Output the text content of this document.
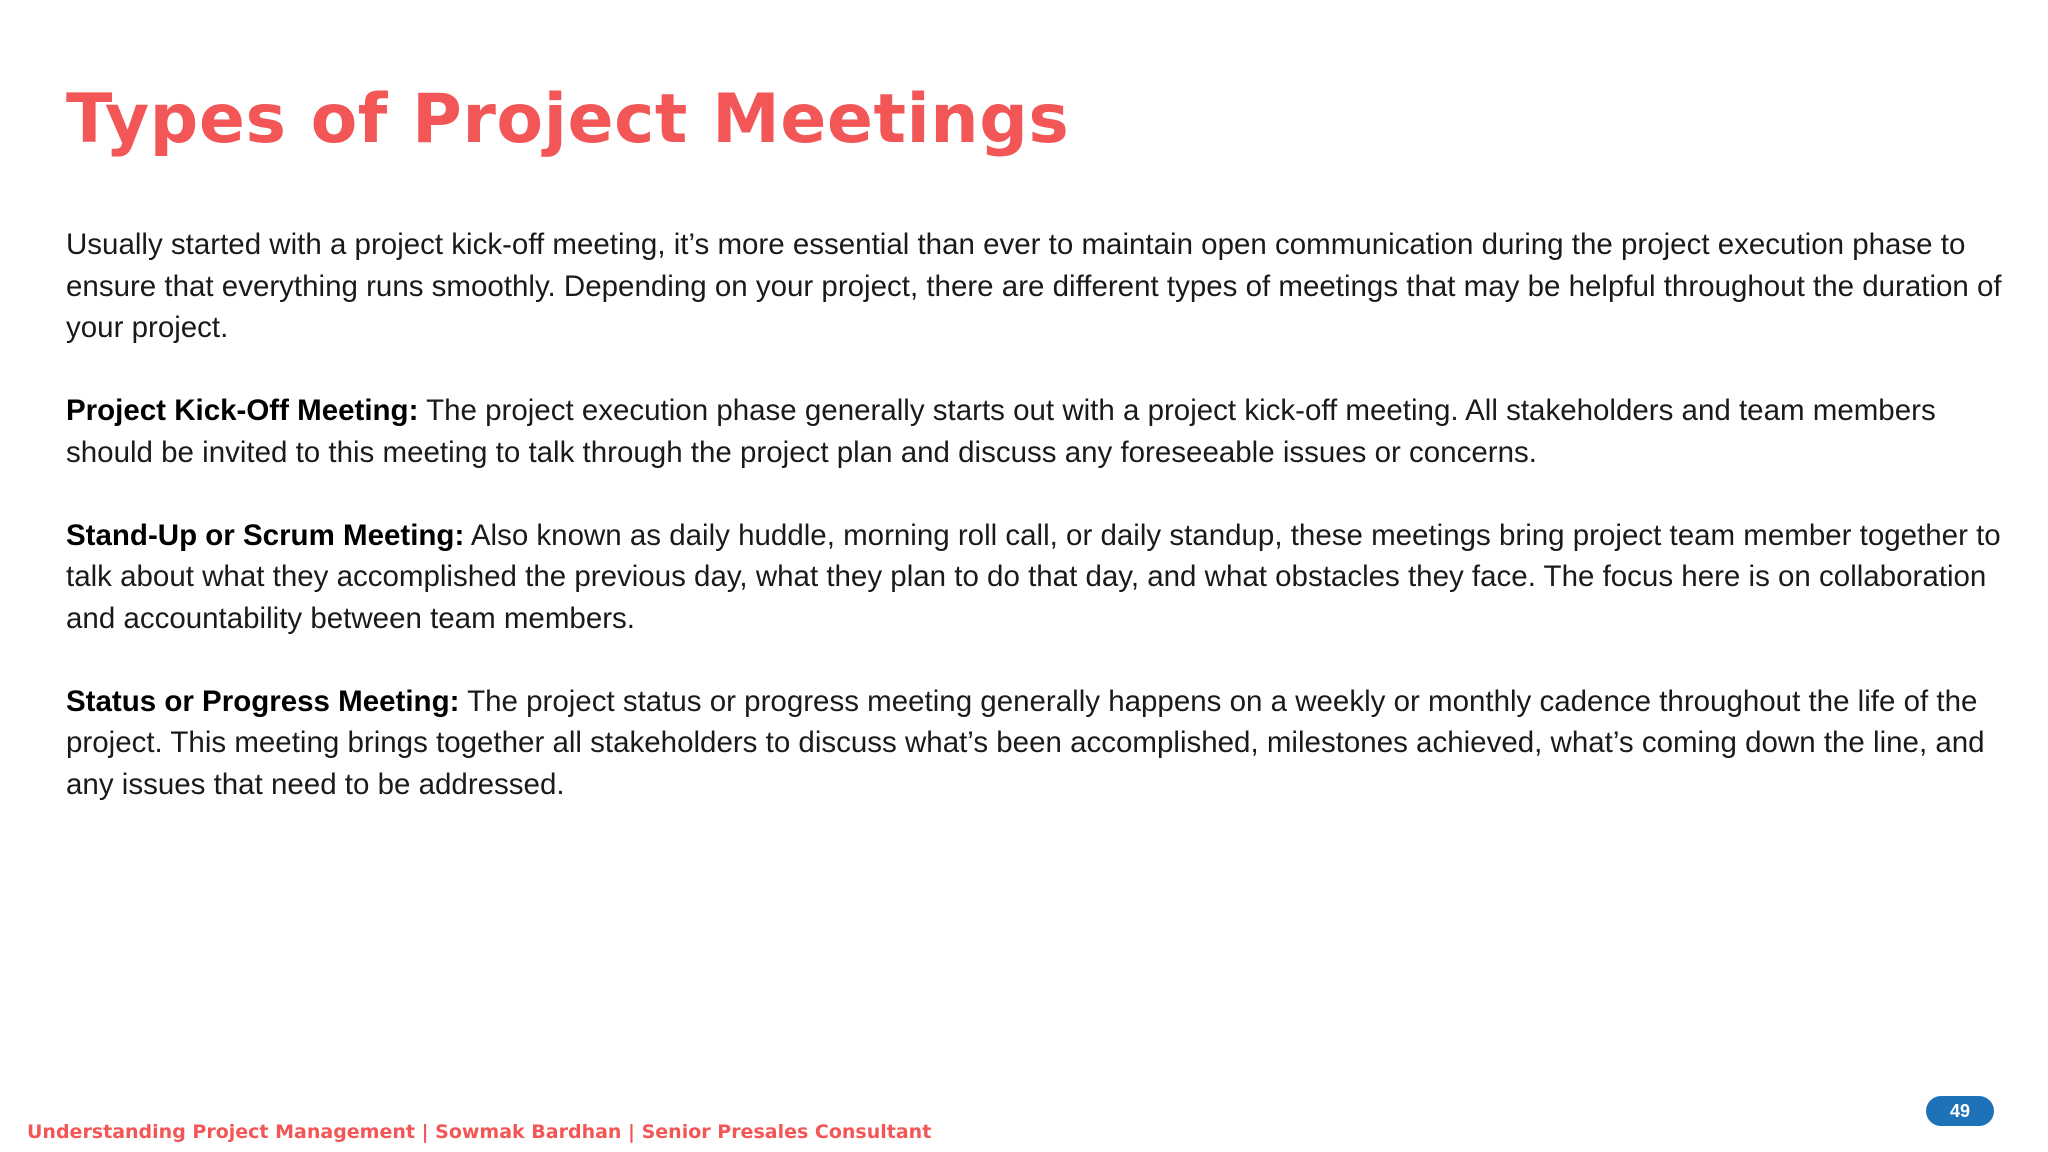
Types of Project Meetings

Usually started with a project kick-off meeting, it’s more essential than ever to maintain open communication during the project execution phase to ensure that everything runs smoothly. Depending on your project, there are different types of meetings that may be helpful throughout the duration of your project.

Project Kick-Off Meeting: The project execution phase generally starts out with a project kick-off meeting. All stakeholders and team members should be invited to this meeting to talk through the project plan and discuss any foreseeable issues or concerns.

Stand-Up or Scrum Meeting: Also known as daily huddle, morning roll call, or daily standup, these meetings bring project team member together to talk about what they accomplished the previous day, what they plan to do that day, and what obstacles they face. The focus here is on collaboration and accountability between team members.

Status or Progress Meeting: The project status or progress meeting generally happens on a weekly or monthly cadence throughout the life of the project. This meeting brings together all stakeholders to discuss what’s been accomplished, milestones achieved, what’s coming down the line, and any issues that need to be addressed.

Understanding Project Management | Sowmak Bardhan | Senior Presales Consultant
49
